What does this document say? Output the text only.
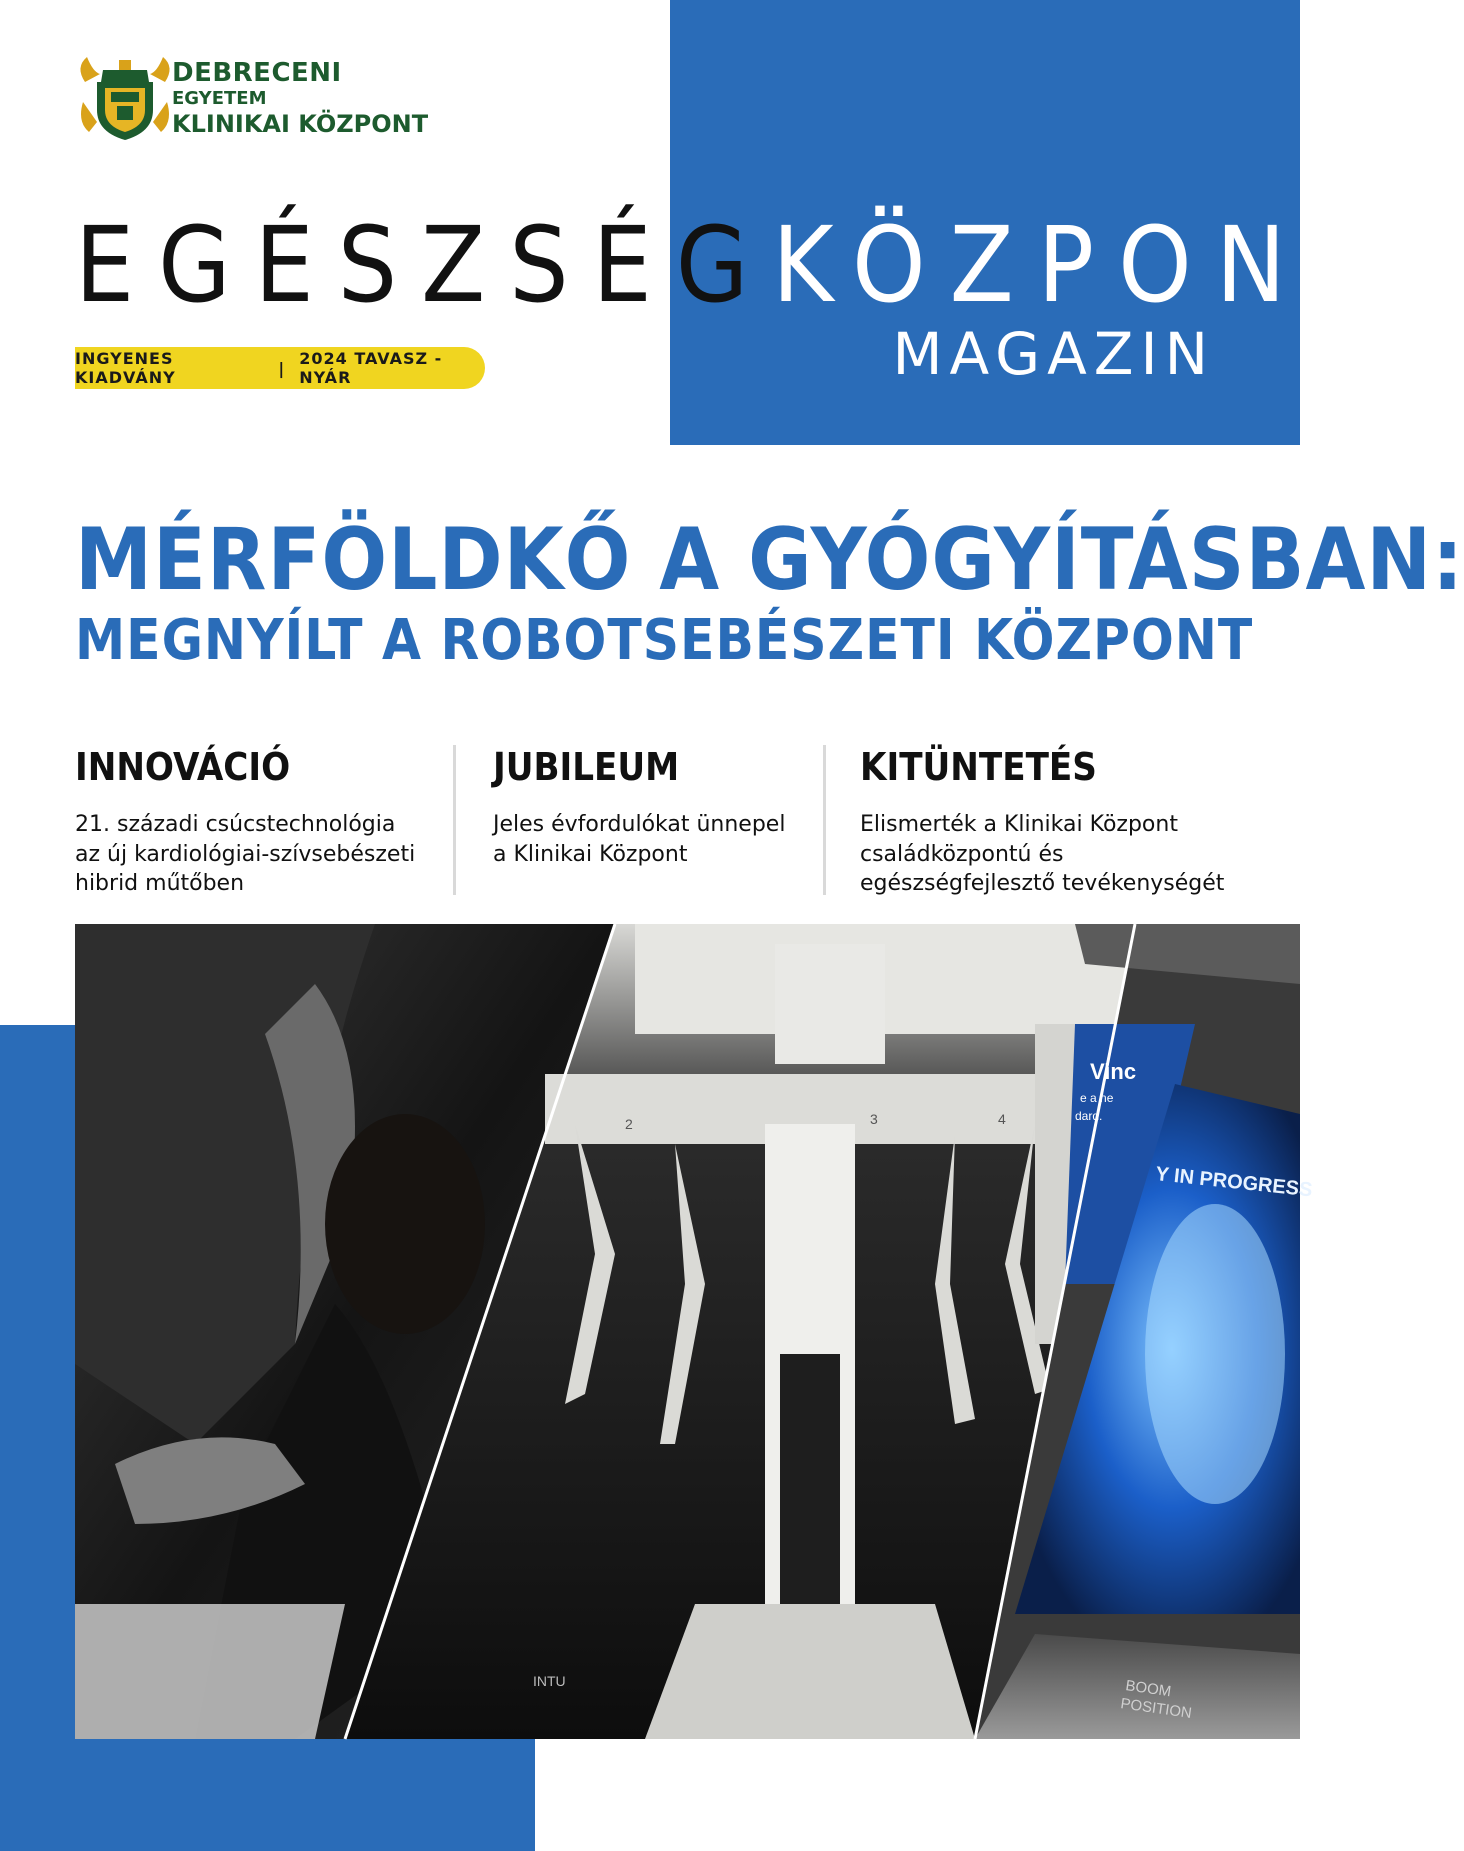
DEBRECENI
EGYETEM
KLINIKAI KÖZPONT
EGÉSZSÉGKÖZPONT
INGYENES KIADVÁNY	| 2024 TAVASZ - NYÁR	MAGAZIN
MÉRFÖLDKŐ A GYÓGYÍTÁSBAN:
MEGNYÍLT A ROBOTSEBÉSZETI KÖZPONT
INNOVÁCIÓ

21. századi csúcstechnológia
az új kardiológiai-szívsebészeti
hibrid műtőben

JUBILEUM

Jeles évfordulókat ünnepel
a Klinikai Központ

KITÜNTETÉS

Elismerték a Klinikai Központ
családközpontú és
egészségfejlesztő tevékenységét

Vinc
e a ne
dard.
Y IN PROGRESS
BOOM
POSITION
INTU
2	3	4
